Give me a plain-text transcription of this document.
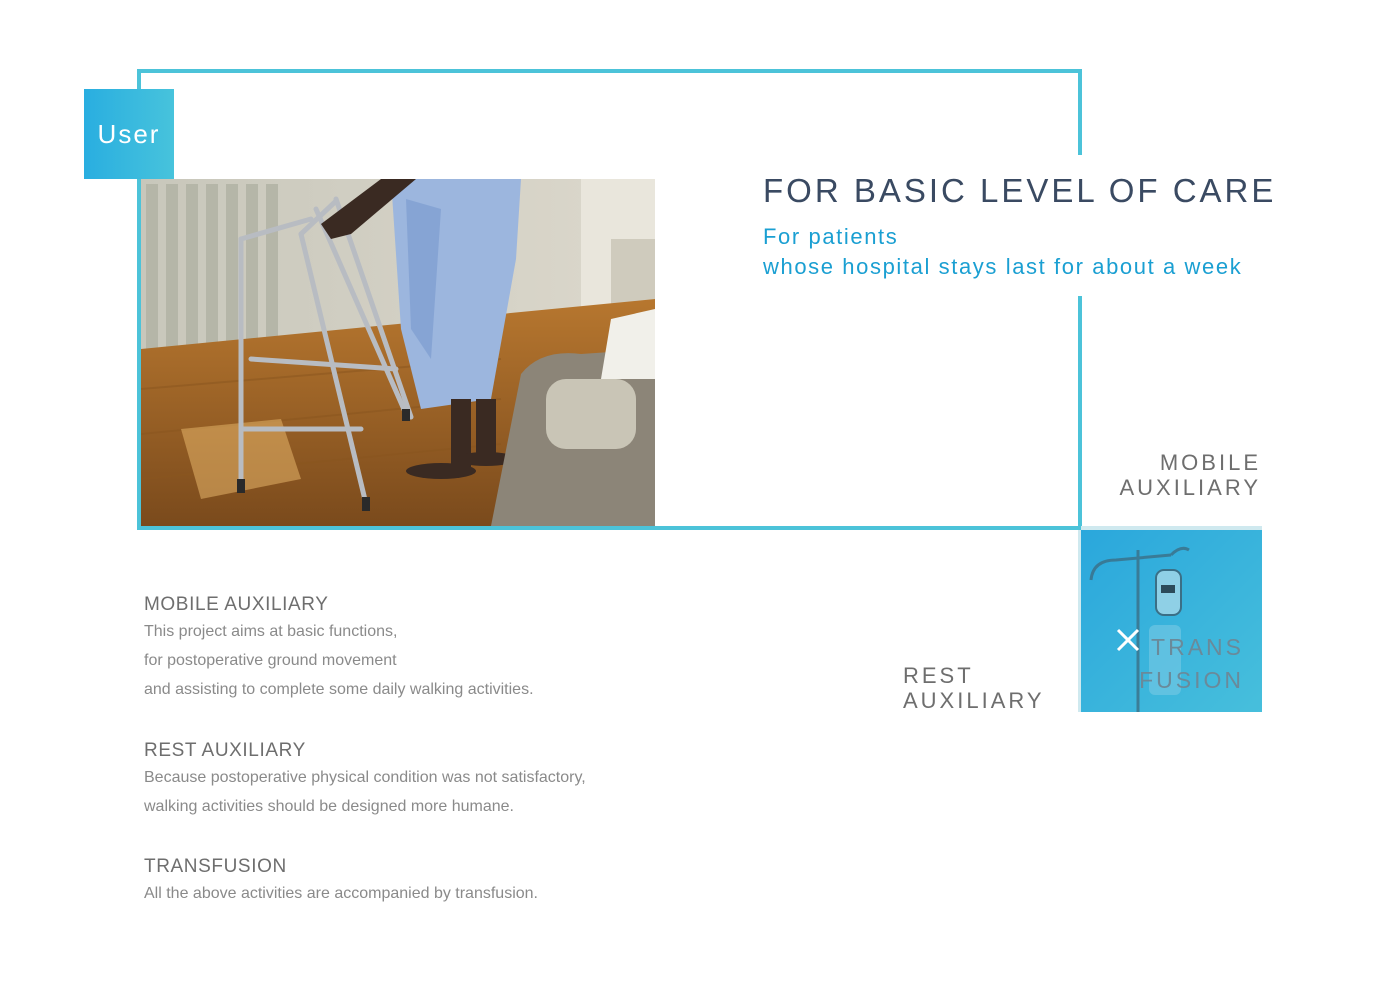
User
FOR BASIC LEVEL OF CARE
For patients
whose hospital stays last for about a week
MOBILE
AUXILIARY
REST
AUXILIARY
TRANS
FUSION
MOBILE AUXILIARY
This project aims at basic functions,
for postoperative ground movement
and assisting to complete some daily walking activities.
REST AUXILIARY
Because postoperative physical condition was not satisfactory,
walking activities should be designed more humane.
TRANSFUSION
All the above activities are accompanied by transfusion.
